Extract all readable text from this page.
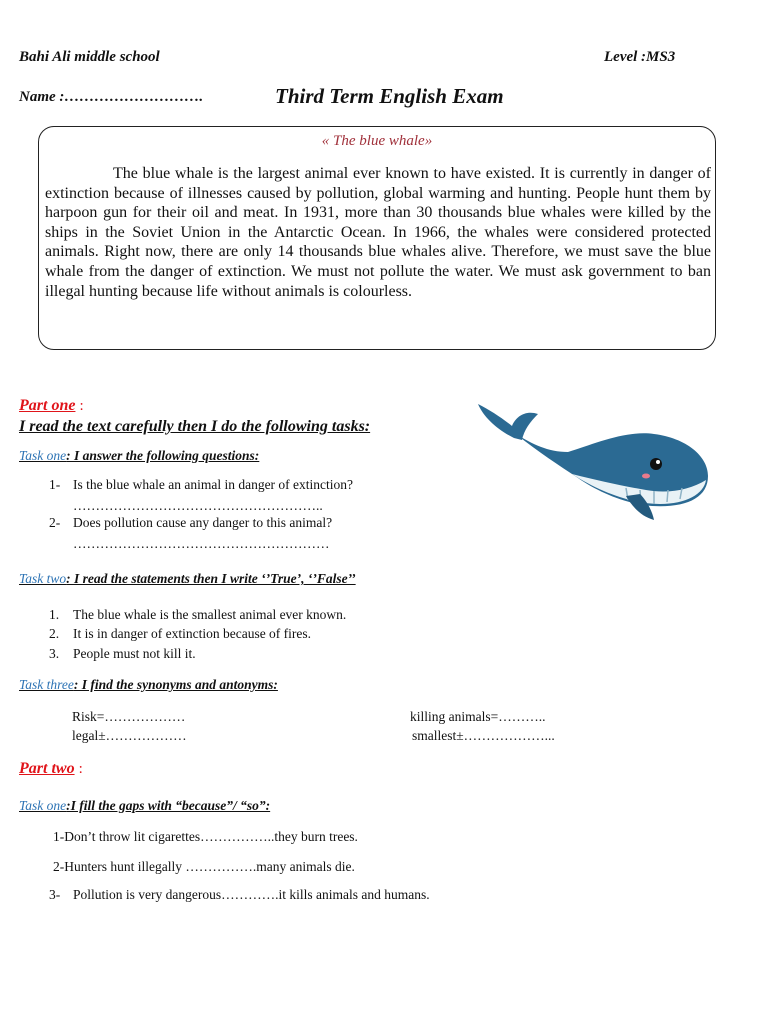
Bahi Ali middle school	Level :MS3
Name :……………………….	Third Term English Exam
« The blue whale»

The blue whale is the largest animal ever known to have existed. It is currently in danger of extinction because of illnesses caused by pollution, global warming and hunting. People hunt them by harpoon gun for their oil and meat. In 1931, more than 30 thousands blue whales were killed by the ships in the Soviet Union in the Antarctic Ocean. In 1966, the whales were considered protected animals. Right now, there are only 14 thousands blue whales alive. Therefore, we must save the blue whale from the danger of extinction. We must not pollute the water. We must ask government to ban illegal hunting because life without animals is colourless.

Part one :
I read the text carefully then I do the following tasks:
Task one: I answer the following questions:
1- Is the blue whale an animal in danger of extinction?
………………………………………………..
2- Does pollution cause any danger to this animal?
…………………………………………………
Task two: I read the statements then I write ‘’True’, ‘’False’’
1. The blue whale is the smallest animal ever known.
2. It is in danger of extinction because of fires.
3. People must not kill it.
Task three: I find the synonyms and antonyms:
Risk=………………
legal±………………
killing animals=………..
smallest±………………...
Part two :
Task one:I fill the gaps with “because”/ “so”:
1-Don’t throw lit cigarettes……………..they burn trees.
2-Hunters hunt illegally …………….many animals die.
3- Pollution is very dangerous………….it kills animals and humans.
